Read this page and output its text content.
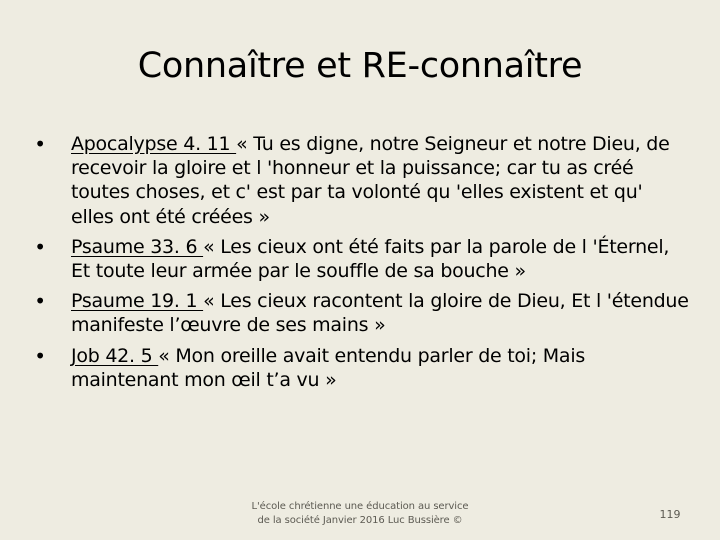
Connaître et RE-connaître
• Apocalypse 4. 11 « Tu es digne, notre Seigneur et notre Dieu, de recevoir la gloire et l 'honneur et la puissance; car tu as créé toutes choses, et c' est par ta volonté qu 'elles existent et qu' elles ont été créées »
• Psaume 33. 6 « Les cieux ont été faits par la parole de l 'Éternel, Et toute leur armée par le souffle de sa bouche »
• Psaume 19. 1 « Les cieux racontent la gloire de Dieu, Et l 'étendue manifeste l’œuvre de ses mains »
• Job 42. 5 « Mon oreille avait entendu parler de toi; Mais maintenant mon œil t’a vu »
L'école chrétienne une éducation au service
de la société Janvier 2016 Luc Bussière ©	119
